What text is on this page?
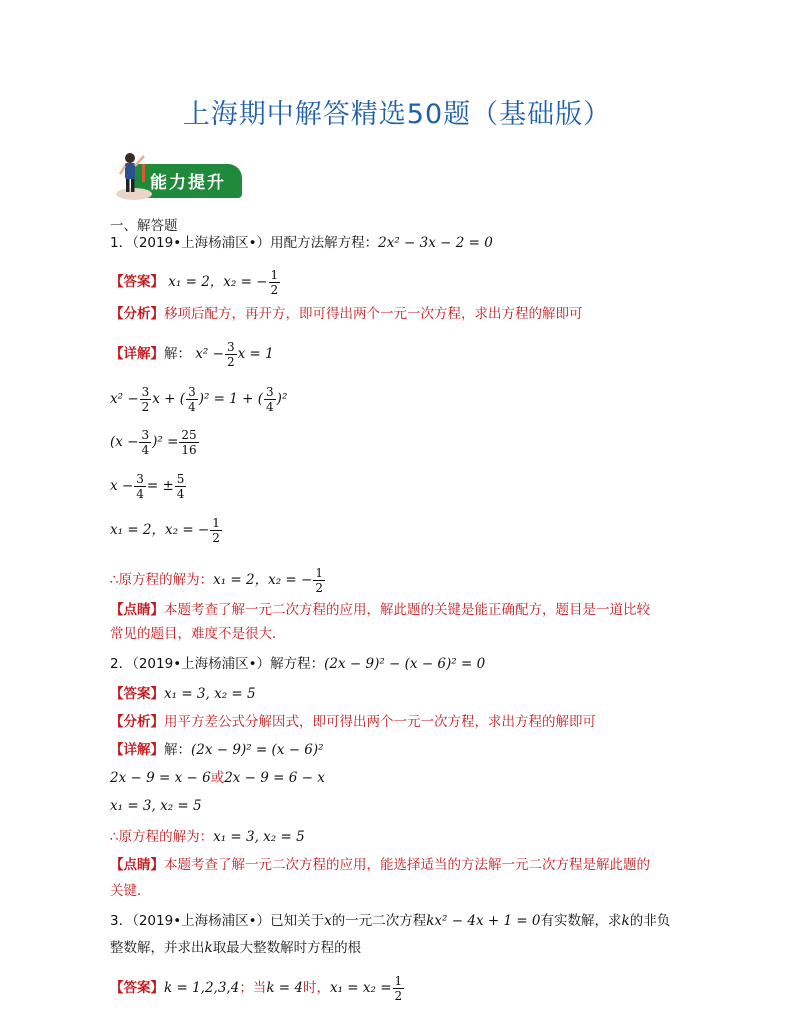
上海期中解答精选50题（基础版）
能力提升
一、解答题
1．（2019•上海杨浦区•）用配方法解方程：2x² − 3x − 2 = 0
【答案】 x₁ = 2，x₂ = − $\frac{1}{2}$
【分析】移项后配方，再开方，即可得出两个一元一次方程，求出方程的解即可
【详解】解： $x^2 - \frac{3}{2}$ x = 1
$x^2 - \frac{3}{2}$ x + ( $\frac{3}{4} )^2 = 1$ + ( $\frac{3}{4} )^2$
$(x - \frac{3}{4} )^2 = \frac{25}{16}$
$x - \frac{3}{4}$ = ± $\frac{5}{4}$
x₁ = 2，x₂ = − $\frac{1}{2}$
∴原方程的解为：x₁ = 2，x₂ = − $\frac{1}{2}$
【点睛】本题考查了解一元二次方程的应用，解此题的关键是能正确配方，题目是一道比较
常见的题目，难度不是很大．
2．（2019•上海杨浦区•）解方程：(2x − 9)² − (x − 6)² = 0
【答案】x₁ = 3, x₂ = 5
【分析】用平方差公式分解因式，即可得出两个一元一次方程，求出方程的解即可
【详解】解：(2x − 9)² = (x − 6)²
2x − 9 = x − 6或2x − 9 = 6 − x
x₁ = 3, x₂ = 5
∴原方程的解为：x₁ = 3, x₂ = 5
【点睛】本题考查了解一元二次方程的应用，能选择适当的方法解一元二次方程是解此题的
关键．
3．（2019•上海杨浦区•）已知关于x的一元二次方程kx² − 4x + 1 = 0有实数解，求k的非负
整数解，并求出k取最大整数解时方程的根
【答案】k = 1,2,3,4；当k = 4时，$x_1 = x_2 = \frac{1}{2}$
